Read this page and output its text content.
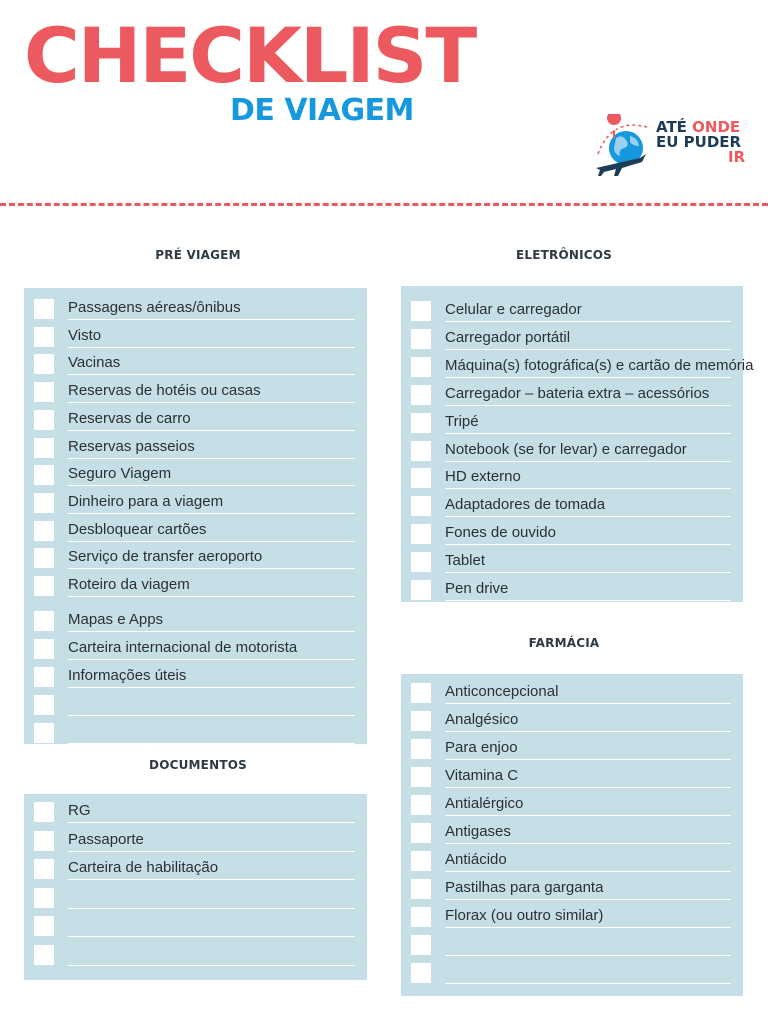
CHECKLIST
DE VIAGEM	ATÉ ONDE
EU PUDER
IR
PRÉ VIAGEM	ELETRÔNICOS
DOCUMENTOS
FARMÁCIA
Passagens aéreas/ônibus
Visto
Vacinas
Reservas de hotéis ou casas
Reservas de carro
Reservas passeios
Seguro Viagem
Dinheiro para a viagem
Desbloquear cartões
Serviço de transfer aeroporto
Roteiro da viagem
Mapas e Apps
Carteira internacional de motorista
Informações úteis
RG
Passaporte
Carteira de habilitação
Celular e carregador
Carregador portátil
Máquina(s) fotográfica(s) e cartão de memória
Carregador – bateria extra – acessórios
Tripé
Notebook (se for levar) e carregador
HD externo
Adaptadores de tomada
Fones de ouvido
Tablet
Pen drive
Anticoncepcional
Analgésico
Para enjoo
Vitamina C
Antialérgico
Antigases
Antiácido
Pastilhas para garganta
Florax (ou outro similar)
